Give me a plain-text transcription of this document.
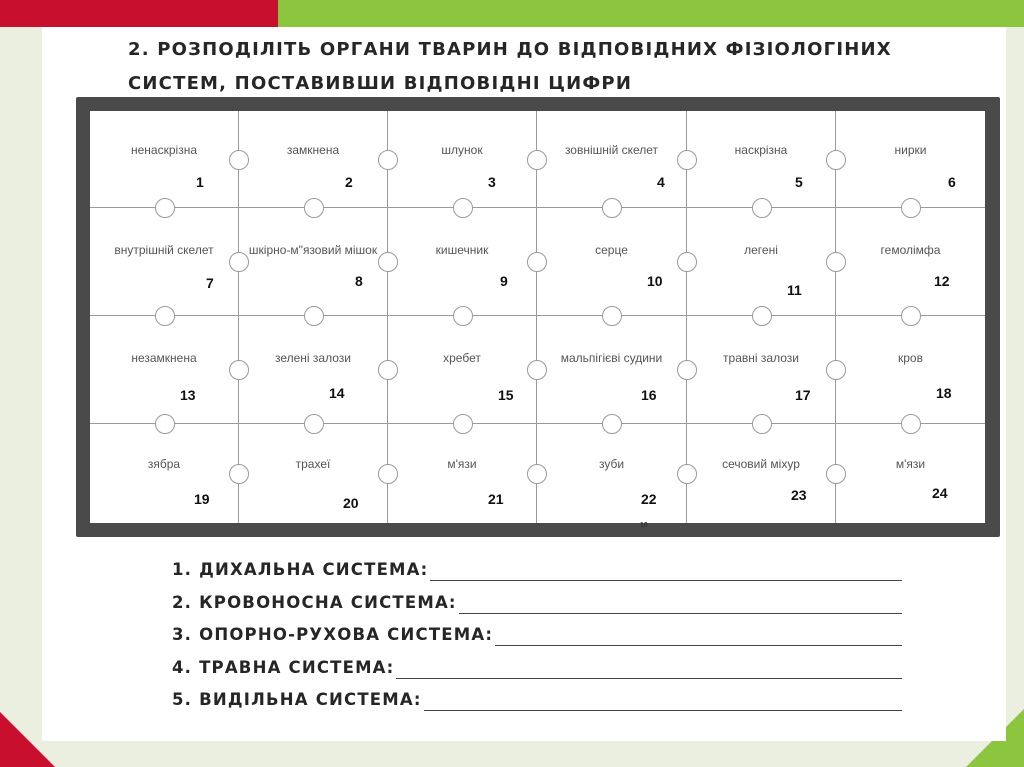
2. РОЗПОДІЛІТЬ ОРГАНИ ТВАРИН ДО ВІДПОВІДНИХ ФІЗІОЛОГІНИХ
СИСТЕМ, ПОСТАВИВШИ ВІДПОВІДНІ ЦИФРИ
ненаскрізна
1
замкнена
2
шлунок
3
зовнішній скелет
4
наскрізна
5
нирки
6
внутрішній скелет
7
шкірно-м"язовий мішок
8
кишечник
9
серце
10
легені
11
гемолімфа
12
незамкнена
13
зелені залози
14
хребет
15
мальпігієві судини
16
травні залози
17
кров
18
зябра
19
трахеї
20
м'язи
21
зуби
22
сечовий міхур
23
м'язи
24
10
1. ДИХАЛЬНА СИСТЕМА:
2. КРОВОНОСНА СИСТЕМА:
3. ОПОРНО-РУХОВА СИСТЕМА:
4. ТРАВНА СИСТЕМА:
5. ВИДІЛЬНА СИСТЕМА:
